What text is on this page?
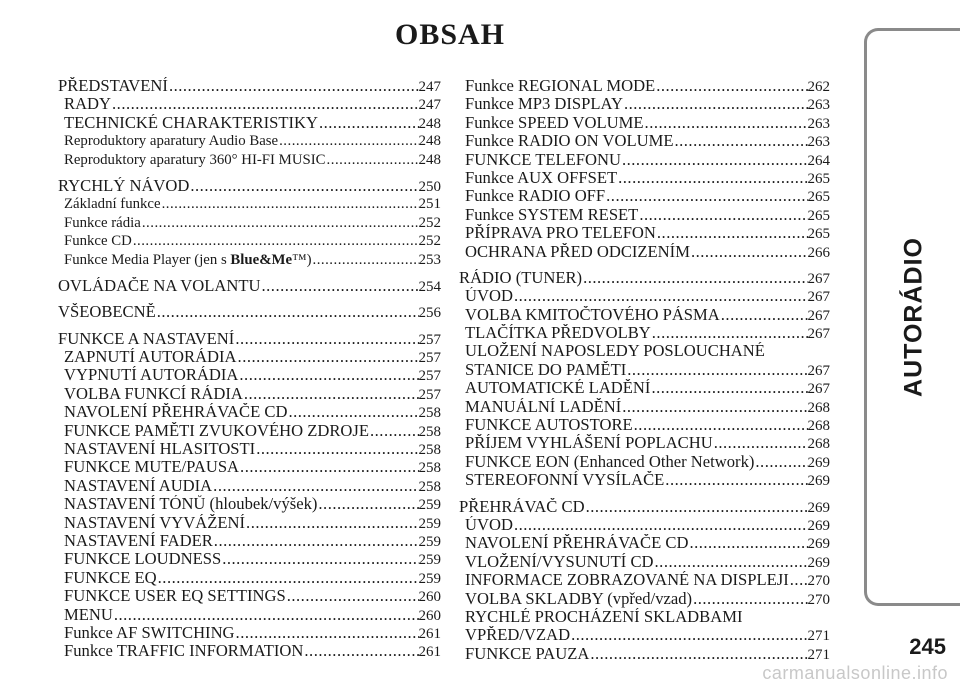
OBSAH
PŘEDSTAVENÍ .....	247
RADY .....	247
TECHNICKÉ CHARAKTERISTIKY .....	248
Reproduktory aparatury Audio Base .....	248
Reproduktory aparatury 360° HI-FI MUSIC .....	248
RYCHLÝ NÁVOD .....	250
Základní funkce .....	251
Funkce rádia .....	252
Funkce CD .....	252
Funkce Media Player (jen s Blue&Me™) .....	253
OVLÁDAČE NA VOLANTU .....	254
VŠEOBECNĚ .....	256
FUNKCE A NASTAVENÍ .....	257
ZAPNUTÍ AUTORÁDIA .....	257
VYPNUTÍ AUTORÁDIA .....	257
VOLBA FUNKCÍ RÁDIA .....	257
NAVOLENÍ PŘEHRÁVAČE CD .....	258
FUNKCE PAMĚTI ZVUKOVÉHO ZDROJE .....	258
NASTAVENÍ HLASITOSTI .....	258
FUNKCE MUTE/PAUSA .....	258
NASTAVENÍ AUDIA .....	258
NASTAVENÍ TÓNŮ (hloubek/výšek) .....	259
NASTAVENÍ VYVÁŽENÍ .....	259
NASTAVENÍ FADER .....	259
FUNKCE LOUDNESS .....	259
FUNKCE EQ .....	259
FUNKCE USER EQ SETTINGS .....	260
MENU .....	260
Funkce AF SWITCHING .....	261
Funkce TRAFFIC INFORMATION .....	261
Funkce REGIONAL MODE .....	262
Funkce MP3 DISPLAY .....	263
Funkce SPEED VOLUME .....	263
Funkce RADIO ON VOLUME .....	263
FUNKCE TELEFONU .....	264
Funkce AUX OFFSET .....	265
Funkce RADIO OFF .....	265
Funkce SYSTEM RESET .....	265
PŘÍPRAVA PRO TELEFON .....	265
OCHRANA PŘED ODCIZENÍM .....	266
RÁDIO (TUNER) .....	267
ÚVOD .....	267
VOLBA KMITOČTOVÉHO PÁSMA .....	267
TLAČÍTKA PŘEDVOLBY .....	267
ULOŽENÍ NAPOSLEDY POSLOUCHANÉ
STANICE DO PAMĚTI .....	267
AUTOMATICKÉ LADĚNÍ .....	267
MANUÁLNÍ LADĚNÍ .....	268
FUNKCE AUTOSTORE .....	268
PŘÍJEM VYHLÁŠENÍ POPLACHU .....	268
FUNKCE EON (Enhanced Other Network) .....	269
STEREOFONNÍ VYSÍLAČE .....	269
PŘEHRÁVAČ CD .....	269
ÚVOD .....	269
NAVOLENÍ PŘEHRÁVAČE CD .....	269
VLOŽENÍ/VYSUNUTÍ CD .....	269
INFORMACE ZOBRAZOVANÉ NA DISPLEJI ..... 270
VOLBA SKLADBY (vpřed/vzad) .....	270
RYCHLÉ PROCHÁZENÍ SKLADBAMI
VPŘED/VZAD .....	271
FUNKCE PAUZA .....	271
AUTORÁDIO
245
carmanualsonline.info
